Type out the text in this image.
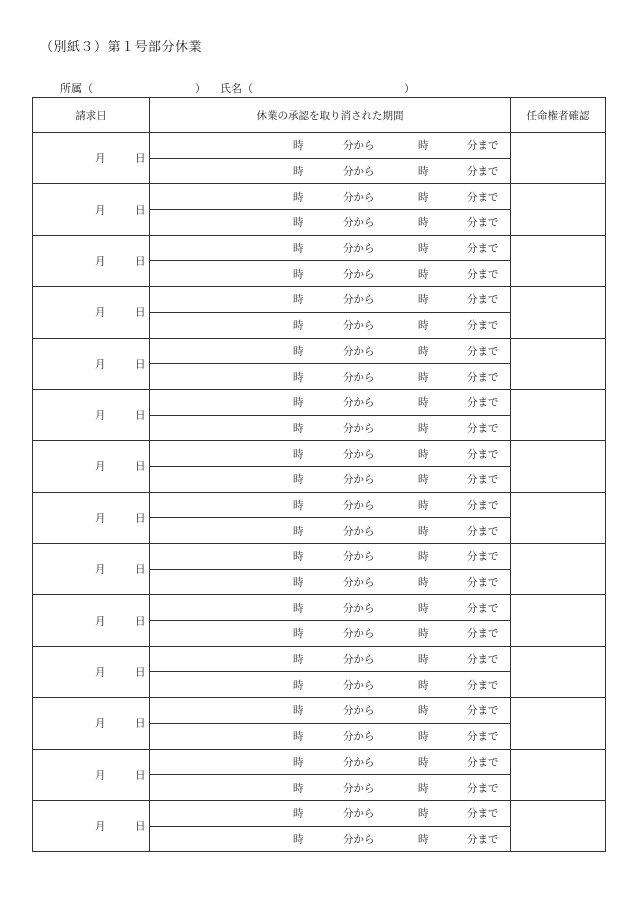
（別紙３）第１号部分休業
所属（	） 氏名（	）
請求日	休業の承認を取り消された期間	任命権者確認

月 日	時 分から 時 分まで	

	時 分から 時 分まで	

月 日	時 分から 時 分まで	

	時 分から 時 分まで	

月 日	時 分から 時 分まで	

	時 分から 時 分まで	

月 日	時 分から 時 分まで	

	時 分から 時 分まで	

月 日	時 分から 時 分まで	

	時 分から 時 分まで	

月 日	時 分から 時 分まで	

	時 分から 時 分まで	

月 日	時 分から 時 分まで	

	時 分から 時 分まで	

月 日	時 分から 時 分まで	

	時 分から 時 分まで	

月 日	時 分から 時 分まで	

	時 分から 時 分まで	

月 日	時 分から 時 分まで	

	時 分から 時 分まで	

月 日	時 分から 時 分まで	

	時 分から 時 分まで	

月 日	時 分から 時 分まで	

	時 分から 時 分まで	

月 日	時 分から 時 分まで	

	時 分から 時 分まで	

月 日	時 分から 時 分まで	

	時 分から 時 分まで	
